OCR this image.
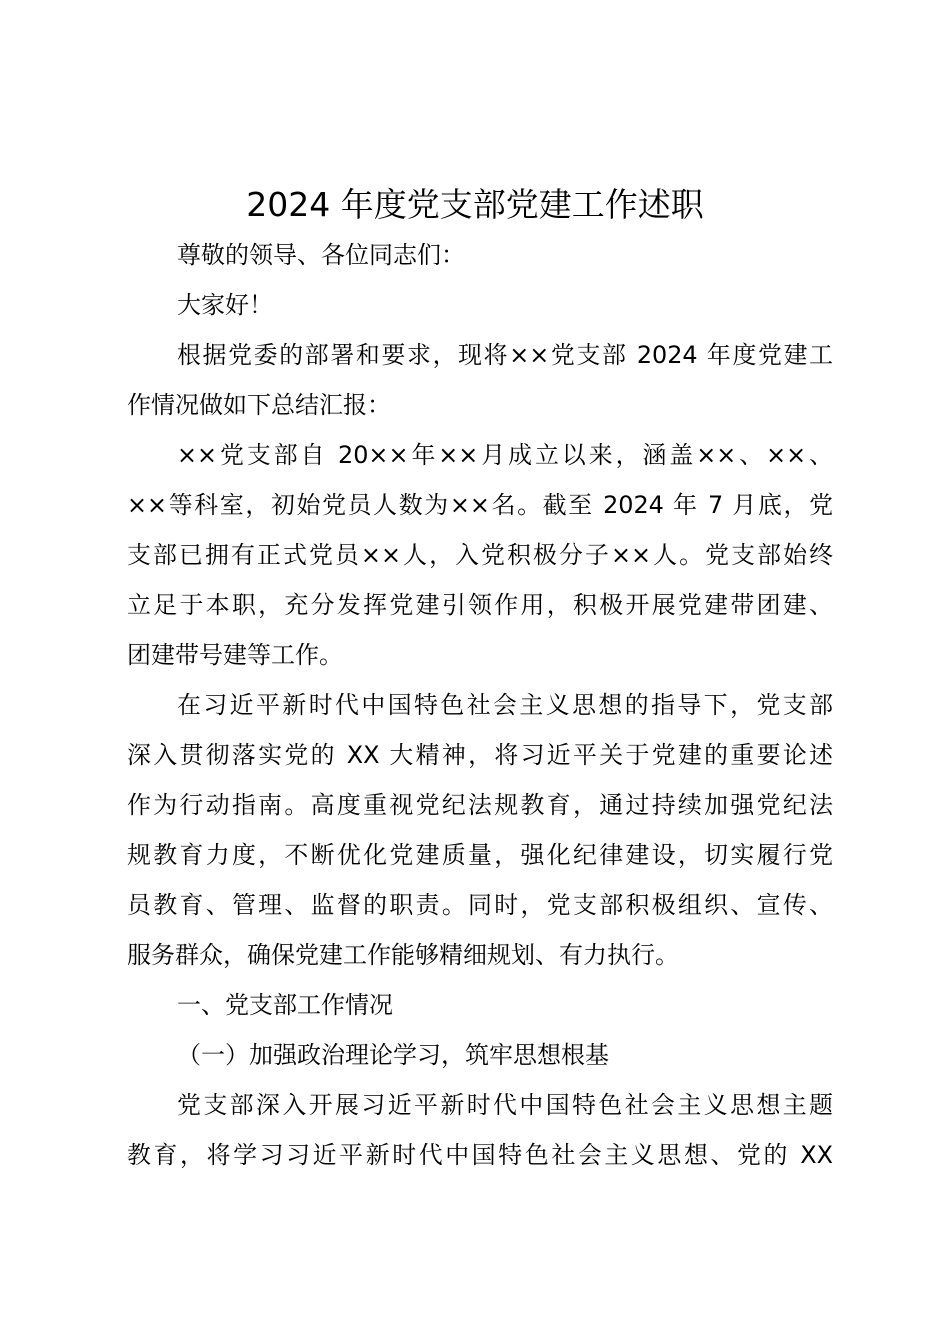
2024 年度党支部党建工作述职
尊敬的领导、各位同志们：
大家好！
根据党委的部署和要求，现将××党支部 2024 年度党建工
作情况做如下总结汇报：
××党支部自 20××年××月成立以来，涵盖××、××、
××等科室，初始党员人数为××名。截至 2024 年 7 月底，党
支部已拥有正式党员××人，入党积极分子××人。党支部始终
立足于本职，充分发挥党建引领作用，积极开展党建带团建、
团建带号建等工作。
在习近平新时代中国特色社会主义思想的指导下，党支部
深入贯彻落实党的 XX 大精神，将习近平关于党建的重要论述
作为行动指南。高度重视党纪法规教育，通过持续加强党纪法
规教育力度，不断优化党建质量，强化纪律建设，切实履行党
员教育、管理、监督的职责。同时，党支部积极组织、宣传、
服务群众，确保党建工作能够精细规划、有力执行。
一、党支部工作情况
（一）加强政治理论学习，筑牢思想根基
党支部深入开展习近平新时代中国特色社会主义思想主题
教育，将学习习近平新时代中国特色社会主义思想、党的 XX
